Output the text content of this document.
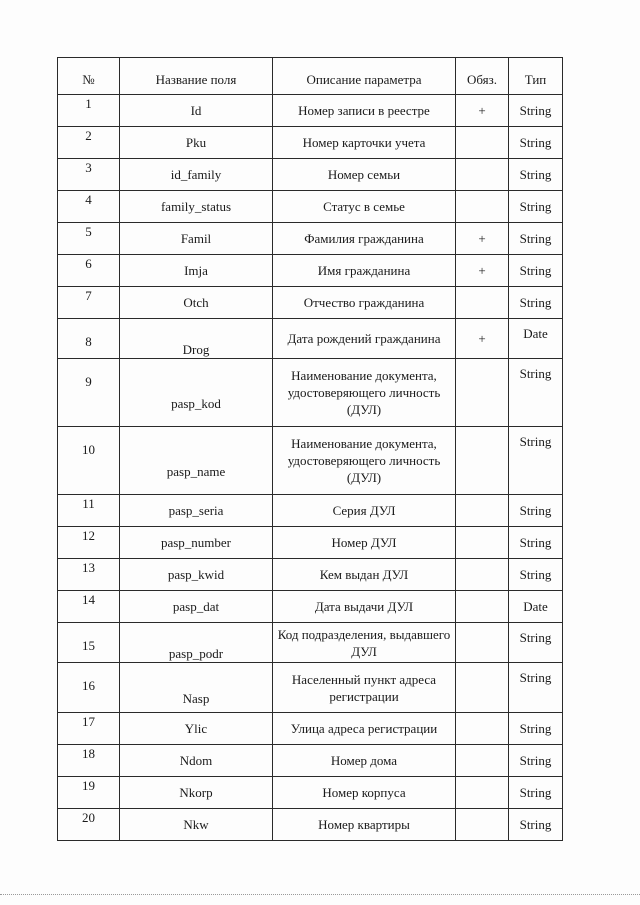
№	Название поля	Описание параметра	Обяз.	Тип
1	Id	Номер записи в реестре	+	String
2	Pku	Номер карточки учета		String
3	id_family	Номер семьи		String
4	family_status	Статус в семье		String
5	Famil	Фамилия гражданина	+	String
6	Imja	Имя гражданина	+	String
7	Otch	Отчество гражданина		String
8	Drog	Дата рождений гражданина	+	Date
9	pasp_kod	Наименование документа, удостоверяющего личность (ДУЛ)		String
10	pasp_name	Наименование документа, удостоверяющего личность (ДУЛ)		String
11	pasp_seria	Серия ДУЛ		String
12	pasp_number	Номер ДУЛ		String
13	pasp_kwid	Кем выдан ДУЛ		String
14	pasp_dat	Дата выдачи ДУЛ		Date
15	pasp_podr	Код подразделения, выдавшего ДУЛ		String
16	Nasp	Населенный пункт адреса регистрации		String
17	Ylic	Улица адреса регистрации		String
18	Ndom	Номер дома		String
19	Nkorp	Номер корпуса		String
20	Nkw	Номер квартиры		String
